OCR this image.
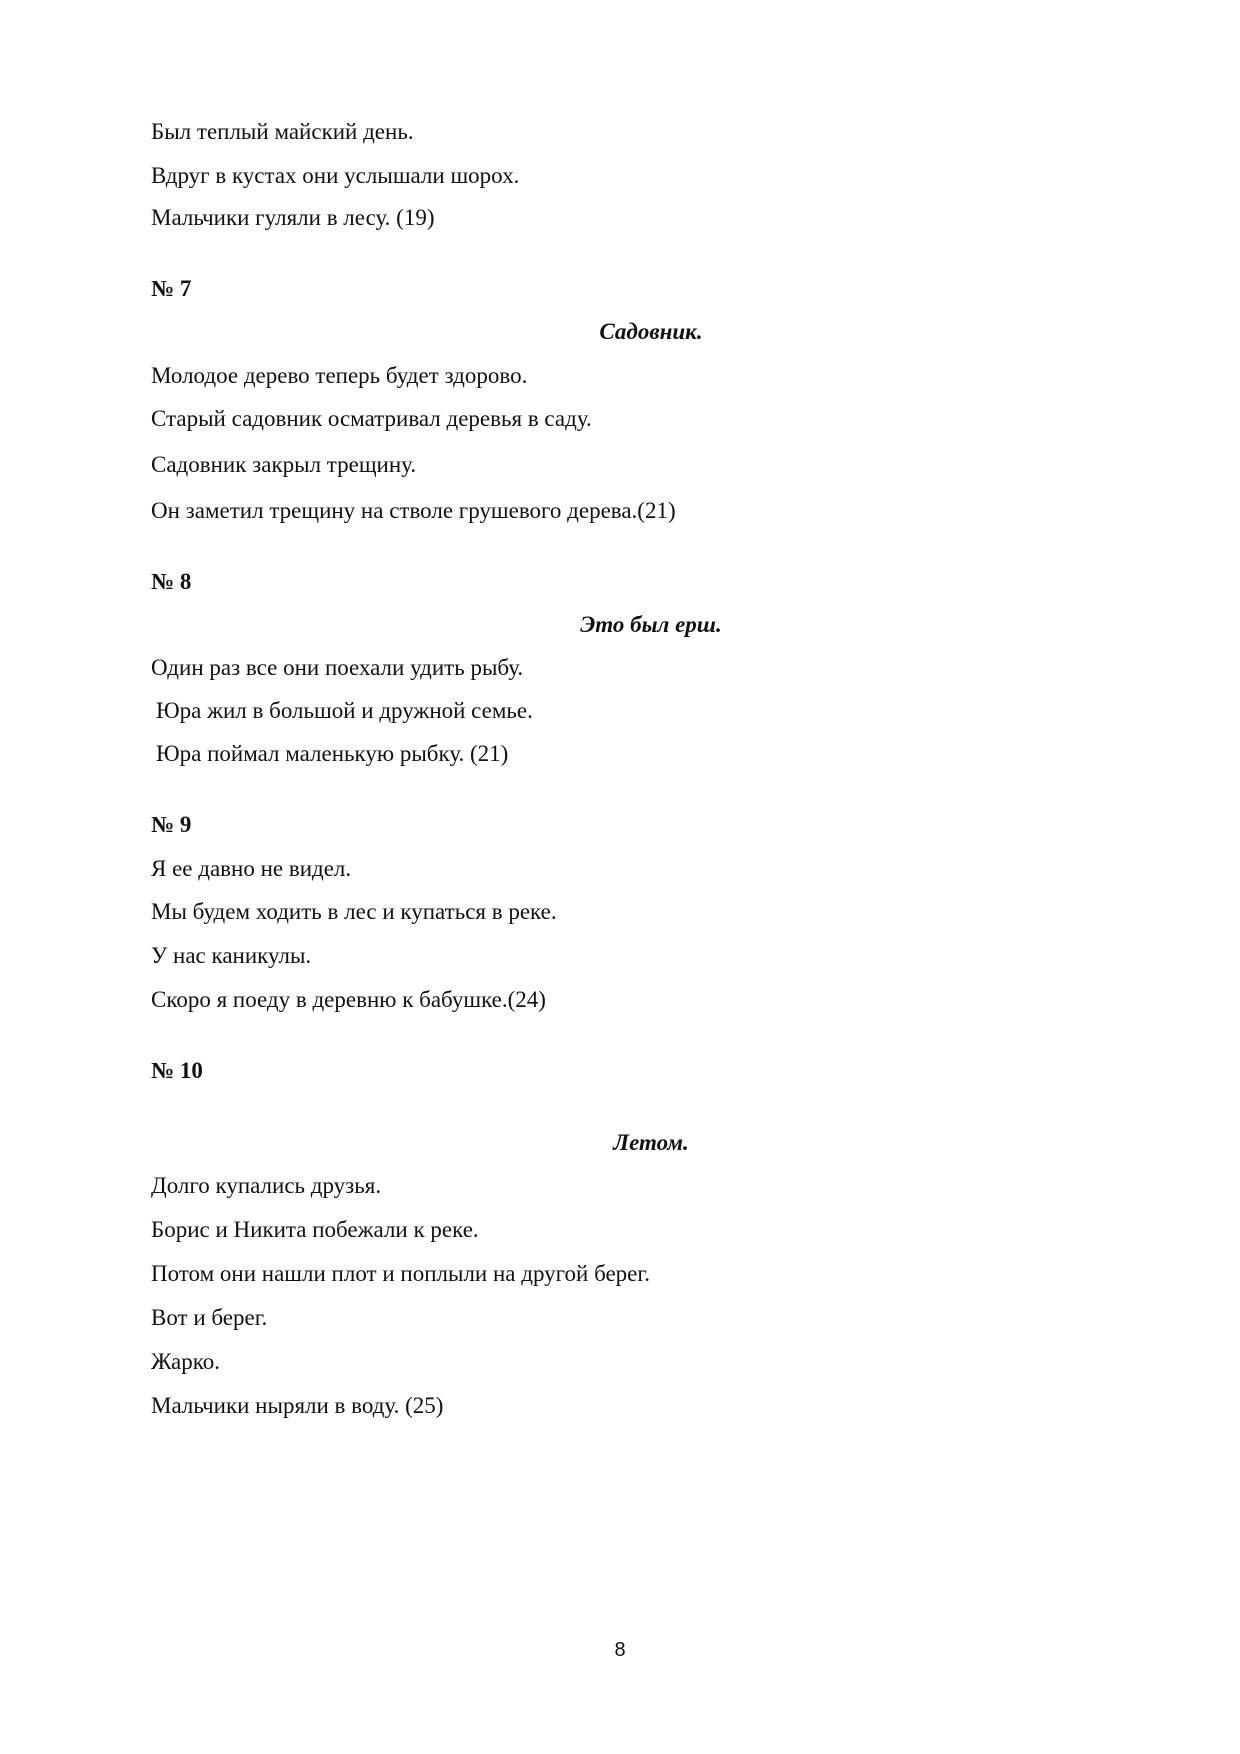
Был теплый майский день.
Вдруг в кустах они услышали шорох.
Мальчики гуляли в лесу. (19)
№ 7
Садовник.
Молодое дерево теперь будет здорово.
Старый садовник осматривал деревья в саду.
Садовник закрыл трещину.
Он заметил трещину на стволе грушевого дерева.(21)
№ 8
Это был ерш.
Один раз все они поехали удить рыбу.
Юра жил в большой и дружной семье.
Юра поймал маленькую рыбку. (21)
№ 9
Я ее давно не видел.
Мы будем ходить в лес и купаться в реке.
У нас каникулы.
Скоро я поеду в деревню к бабушке.(24)
№ 10
Летом.
Долго купались друзья.
Борис и Никита побежали к реке.
Потом они нашли плот и поплыли на другой берег.
Вот и берег.
Жарко.
Мальчики ныряли в воду. (25)
8
